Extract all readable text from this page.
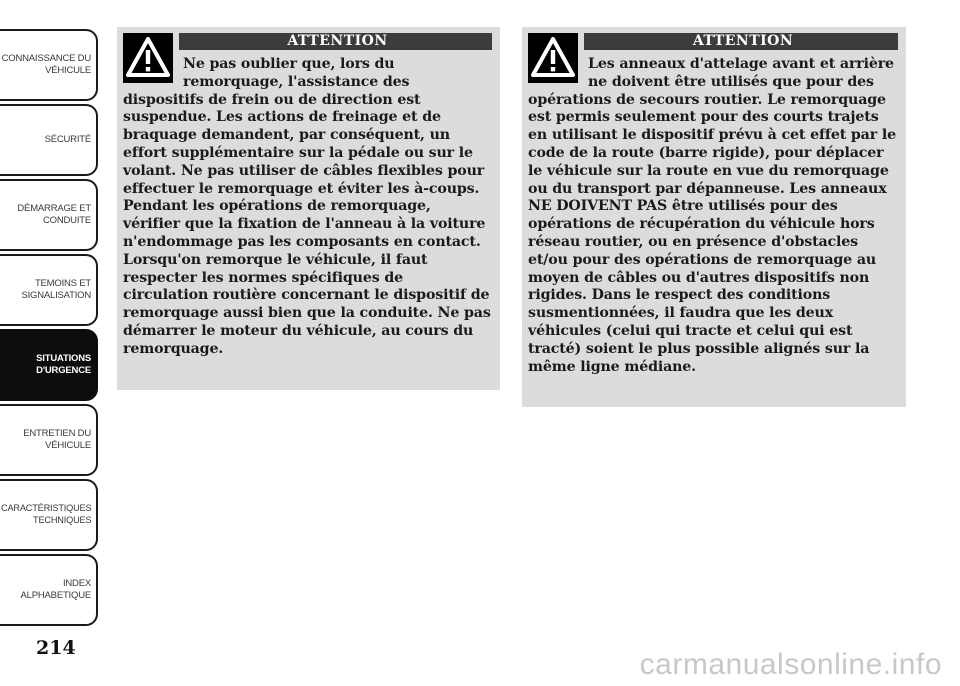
CONNAISSANCE DU
VÉHICULE
SÉCURITÉ
DÉMARRAGE ET
CONDUITE
TEMOINS ET
SIGNALISATION
SITUATIONS
D'URGENCE
ENTRETIEN DU
VÉHICULE
CARACTÉRISTIQUES
TECHNIQUES
INDEX
ALPHABETIQUE
214
ATTENTION

Ne pas oublier que, lors du remorquage, l'assistance des dispositifs de frein ou de direction est suspendue. Les actions de freinage et de braquage demandent, par conséquent, un effort supplémentaire sur la pédale ou sur le volant. Ne pas utiliser de câbles flexibles pour effectuer le remorquage et éviter les à-coups. Pendant les opérations de remorquage, vérifier que la fixation de l'anneau à la voiture n'endommage pas les composants en contact. Lorsqu'on remorque le véhicule, il faut respecter les normes spécifiques de circulation routière concernant le dispositif de remorquage aussi bien que la conduite. Ne pas démarrer le moteur du véhicule, au cours du remorquage.

ATTENTION

Les anneaux d'attelage avant et arrière ne doivent être utilisés que pour des opérations de secours routier. Le remorquage est permis seulement pour des courts trajets en utilisant le dispositif prévu à cet effet par le code de la route (barre rigide), pour déplacer le véhicule sur la route en vue du remorquage ou du transport par dépanneuse. Les anneaux NE DOIVENT PAS être utilisés pour des opérations de récupération du véhicule hors réseau routier, ou en présence d'obstacles et/ou pour des opérations de remorquage au moyen de câbles ou d'autres dispositifs non rigides. Dans le respect des conditions susmentionnées, il faudra que les deux véhicules (celui qui tracte et celui qui est tracté) soient le plus possible alignés sur la même ligne médiane.

carmanualsonline.info
